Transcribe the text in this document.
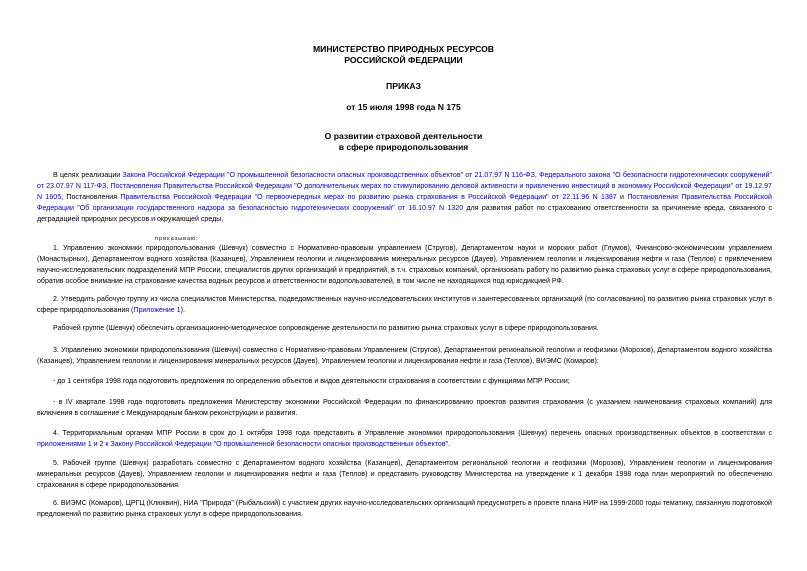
МИНИСТЕРСТВО ПРИРОДНЫХ РЕСУРСОВ
РОССИЙСКОЙ ФЕДЕРАЦИИ
ПРИКАЗ
от 15 июля 1998 года N 175
О развитии страховой деятельности
в сфере природопользования
В целях реализации Закона Российской Федерации "О промышленной безопасности опасных производственных объектов" от 21.07.97 N 116-ФЗ, Федерального закона "О безопасности гидротехнических сооружений" от 23.07.97 N 117-ФЗ, Постановления Правительства Российской Федерации "О дополнительных мерах по стимулированию деловой активности и привлечению инвестиций в экономику Российской Федерации" от 19.12.97 N 1605, Постановления Правительства Российской Федерации "О первоочередных мерах по развитию рынка страхования в Российской Федерации" от 22.11.96 N 1387 и Постановления Правительства Российской Федерации "Об организации государственного надзора за безопасностью гидротехнических сооружений" от 16.10.97 N 1320 для развития работ по страхованию ответственности за причинение вреда, связанного с деградацией природных ресурсов и окружающей среды,
приказываю:
1. Управлению экономики природопользования (Шевчук) совместно с Нормативно-правовым управлением (Стругов), Департаментом науки и морских работ (Глумов), Финансово-экономическим управлением (Монастырных), Департаментом водного хозяйства (Казанцев), Управлением геологии и лицензирования минеральных ресурсов (Дауев), Управлением геологии и лицензирования нефти и газа (Теплов) с привлечением научно-исследовательских подразделений МПР России, специалистов других организаций и предприятий, в т.ч. страховых компаний, организовать работу по развитию рынка страховых услуг в сфере природопользования, обратив особое внимание на страхование качества водных ресурсов и ответственности водопользователей, в том числе не находящихся под юрисдикцией РФ.
2. Утвердить рабочую группу из числа специалистов Министерства, подведомственных научно-исследовательских институтов и заинтересованных организаций (по согласованию) по развитию рынка страховых услуг в сфере природопользования (Приложение 1).
Рабочей группе (Шевчук) обеспечить организационно-методическое сопровождение деятельности по развитию рынка страховых услуг в сфере природопользования.
3. Управлению экономики природопользования (Шевчук) совместно с Нормативно-правовым Управлением (Стругов), Департаментом региональной геологии и геофизики (Морозов), Департаментом водного хозяйства (Казанцев), Управлением геологии и лицензирования минеральных ресурсов (Дауев), Управлением геологии и лицензирования нефти и газа (Теплов), ВИЭМС (Комаров):
- до 1 сентября 1998 года подготовить предложения по определению объектов и видов деятельности страхования в соответствии с функциями МПР России;
- в IV квартале 1998 года подготовить предложения Министерству экономики Российской Федерации по финансированию проектов развития страхования (с указанием наименования страховых компаний) для включения в соглашение с Международным банком реконструкции и развития.
4. Территориальным органам МПР России в срок до 1 октября 1998 года представить в Управление экономики природопользования (Шевчук) перечень опасных производственных объектов в соответствии с приложениями 1 и 2 к Закону Российской Федерации "О промышленной безопасности опасных производственных объектов".
5. Рабочей группе (Шевчук) разработать совместно с Департаментом водного хозяйства (Казанцев), Департаментом региональной геологии и геофизики (Морозов), Управлением геологии и лицензирования минеральных ресурсов (Дауев), Управлением геологии и лицензирования нефти и газа (Теплов) и представить руководству Министерства на утверждение к 1 декабря 1998 года план мероприятий по обеспечению страхования в сфере природопользования.
6. ВИЭМС (Комаров), ЦРГЦ (Клюквин), НИА "Природа" (Рыбальский) с участием других научно-исследовательских организаций предусмотреть в проекте плана НИР на 1999-2000 годы тематику, связанную подготовкой предложений по развитию рынка страховых услуг в сфере природопользования.
